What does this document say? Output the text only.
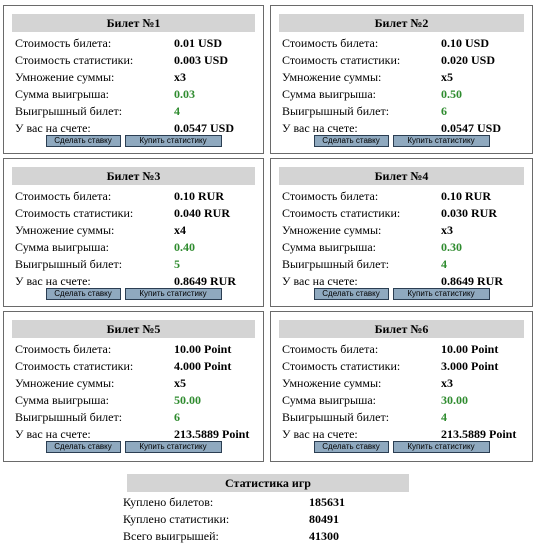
Билет №1
Стоимость билета:	0.01 USD
Стоимость статистики:	0.003 USD
Умножение суммы:	x3
Сумма выигрыша:	0.03
Выигрышный билет:	4
У вас на счете:	0.0547 USD
Сделать ставку	Купить статистику
Билет №2
Стоимость билета:	0.10 USD
Стоимость статистики:	0.020 USD
Умножение суммы:	x5
Сумма выигрыша:	0.50
Выигрышный билет:	6
У вас на счете:	0.0547 USD
Сделать ставку	Купить статистику
Билет №3
Стоимость билета:	0.10 RUR
Стоимость статистики:	0.040 RUR
Умножение суммы:	x4
Сумма выигрыша:	0.40
Выигрышный билет:	5
У вас на счете:	0.8649 RUR
Сделать ставку	Купить статистику
Билет №4
Стоимость билета:	0.10 RUR
Стоимость статистики:	0.030 RUR
Умножение суммы:	x3
Сумма выигрыша:	0.30
Выигрышный билет:	4
У вас на счете:	0.8649 RUR
Сделать ставку	Купить статистику
Билет №5
Стоимость билета:	10.00 Point
Стоимость статистики:	4.000 Point
Умножение суммы:	x5
Сумма выигрыша:	50.00
Выигрышный билет:	6
У вас на счете:	213.5889 Point
Сделать ставку	Купить статистику
Билет №6
Стоимость билета:	10.00 Point
Стоимость статистики:	3.000 Point
Умножение суммы:	x3
Сумма выигрыша:	30.00
Выигрышный билет:	4
У вас на счете:	213.5889 Point
Сделать ставку	Купить статистику
Статистика игр
Куплено билетов:	185631
Куплено статистики:	80491
Всего выигрышей:	41300
